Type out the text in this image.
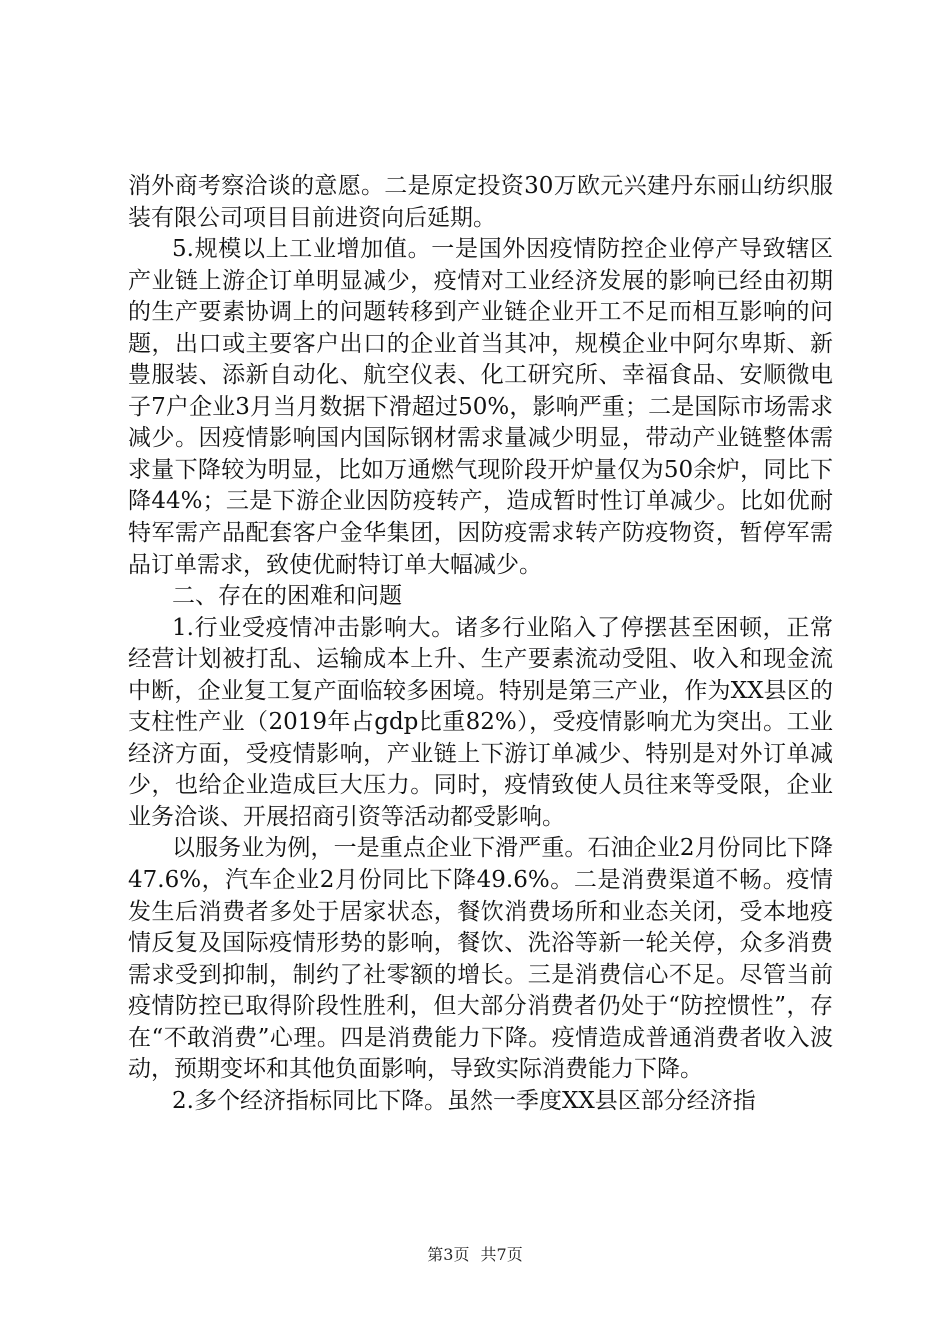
消外商考察洽谈的意愿。二是原定投资30万欧元兴建丹东丽山纺织服装有限公司项目目前进资向后延期。

5.规模以上工业增加值。一是国外因疫情防控企业停产导致辖区产业链上游企订单明显减少，疫情对工业经济发展的影响已经由初期的生产要素协调上的问题转移到产业链企业开工不足而相互影响的问题，出口或主要客户出口的企业首当其冲，规模企业中阿尔卑斯、新豊服装、添新自动化、航空仪表、化工研究所、幸福食品、安顺微电子7户企业3月当月数据下滑超过50%，影响严重；二是国际市场需求减少。因疫情影响国内国际钢材需求量减少明显，带动产业链整体需求量下降较为明显，比如万通燃气现阶段开炉量仅为50余炉，同比下降44%；三是下游企业因防疫转产，造成暂时性订单减少。比如优耐特军需产品配套客户金华集团，因防疫需求转产防疫物资，暂停军需品订单需求，致使优耐特订单大幅减少。

二、存在的困难和问题

1.行业受疫情冲击影响大。诸多行业陷入了停摆甚至困顿，正常经营计划被打乱、运输成本上升、生产要素流动受阻、收入和现金流中断，企业复工复产面临较多困境。特别是第三产业，作为XX县区的支柱性产业（2019年占gdp比重82%），受疫情影响尤为突出。工业经济方面，受疫情影响，产业链上下游订单减少、特别是对外订单减少，也给企业造成巨大压力。同时，疫情致使人员往来等受限，企业业务洽谈、开展招商引资等活动都受影响。

以服务业为例，一是重点企业下滑严重。石油企业2月份同比下降47.6%，汽车企业2月份同比下降49.6%。二是消费渠道不畅。疫情发生后消费者多处于居家状态，餐饮消费场所和业态关闭，受本地疫情反复及国际疫情形势的影响，餐饮、洗浴等新一轮关停，众多消费需求受到抑制，制约了社零额的增长。三是消费信心不足。尽管当前疫情防控已取得阶段性胜利，但大部分消费者仍处于“防控惯性”，存在“不敢消费”心理。四是消费能力下降。疫情造成普通消费者收入波动，预期变坏和其他负面影响，导致实际消费能力下降。

2.多个经济指标同比下降。虽然一季度XX县区部分经济指

第3页 共7页
